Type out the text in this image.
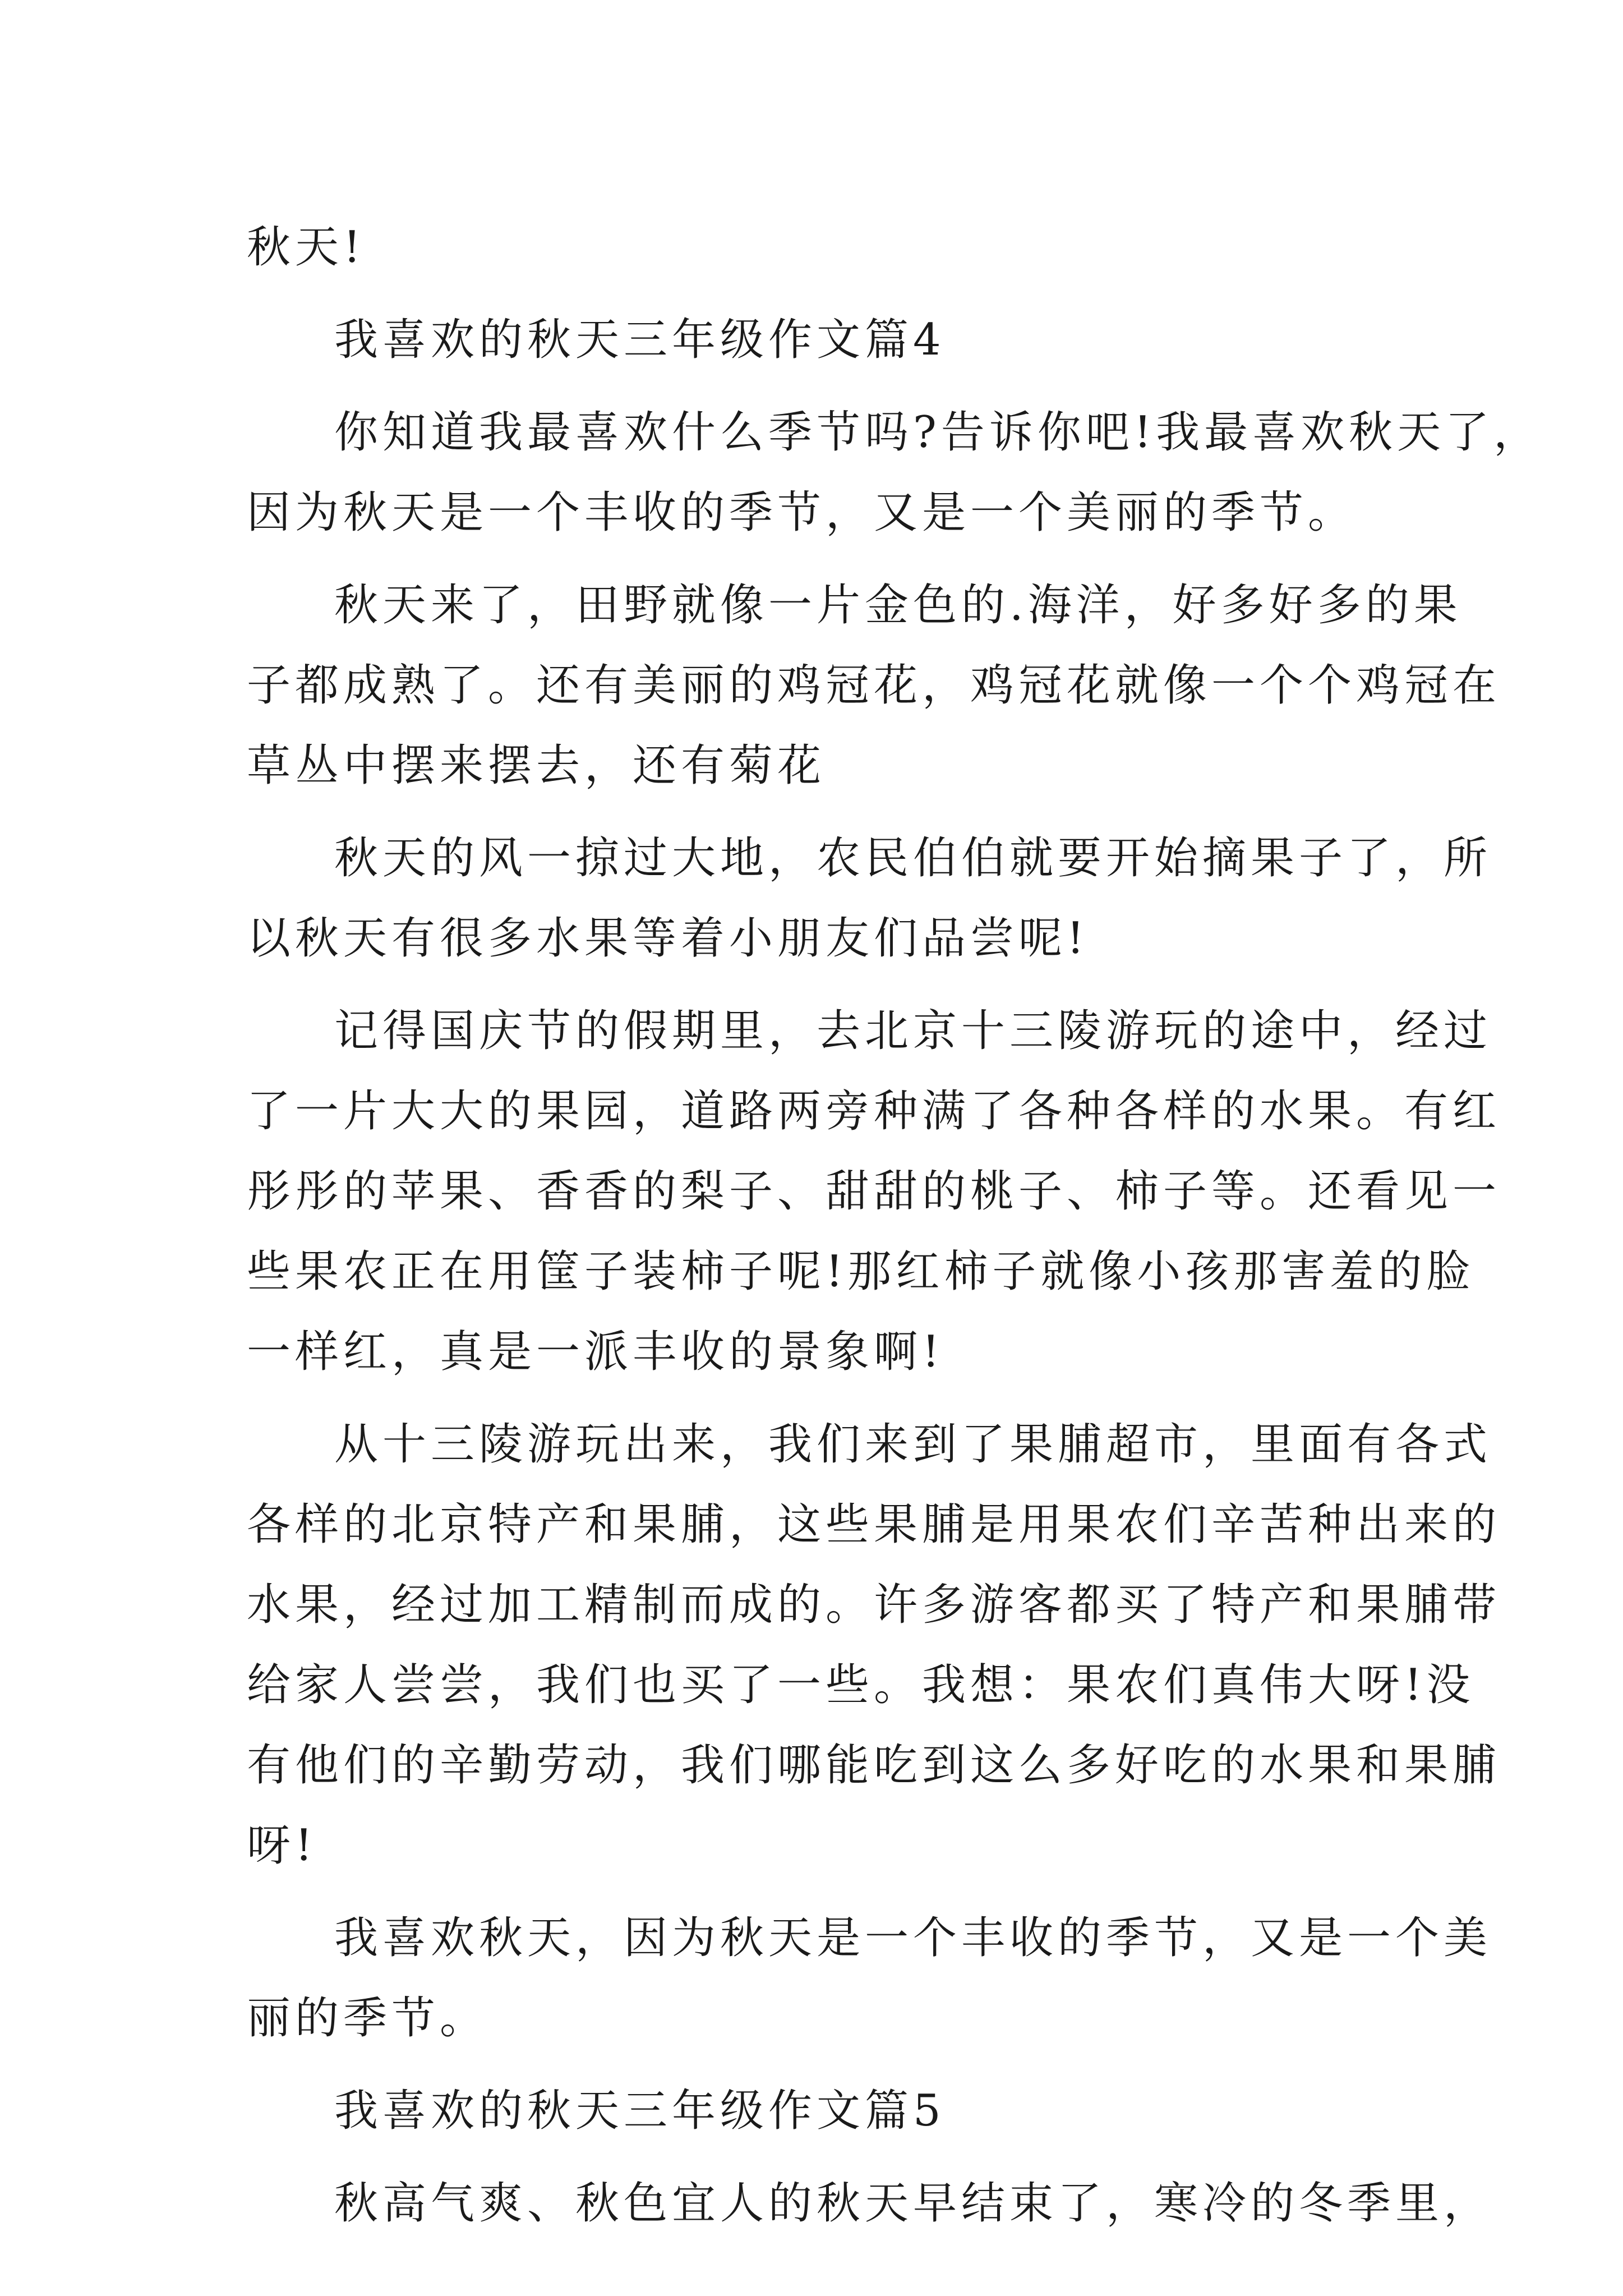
秋天!
我喜欢的秋天三年级作文篇4
你知道我最喜欢什么季节吗?告诉你吧!我最喜欢秋天了，
因为秋天是一个丰收的季节，又是一个美丽的季节。
秋天来了，田野就像一片金色的.海洋，好多好多的果
子都成熟了。还有美丽的鸡冠花，鸡冠花就像一个个鸡冠在
草丛中摆来摆去，还有菊花
秋天的风一掠过大地，农民伯伯就要开始摘果子了，所
以秋天有很多水果等着小朋友们品尝呢!
记得国庆节的假期里，去北京十三陵游玩的途中，经过
了一片大大的果园，道路两旁种满了各种各样的水果。有红
彤彤的苹果、香香的梨子、甜甜的桃子、柿子等。还看见一
些果农正在用筐子装柿子呢!那红柿子就像小孩那害羞的脸
一样红，真是一派丰收的景象啊!
从十三陵游玩出来，我们来到了果脯超市，里面有各式
各样的北京特产和果脯，这些果脯是用果农们辛苦种出来的
水果，经过加工精制而成的。许多游客都买了特产和果脯带
给家人尝尝，我们也买了一些。我想：果农们真伟大呀!没
有他们的辛勤劳动，我们哪能吃到这么多好吃的水果和果脯
呀!
我喜欢秋天，因为秋天是一个丰收的季节，又是一个美
丽的季节。
我喜欢的秋天三年级作文篇5
秋高气爽、秋色宜人的秋天早结束了，寒冷的冬季里，
